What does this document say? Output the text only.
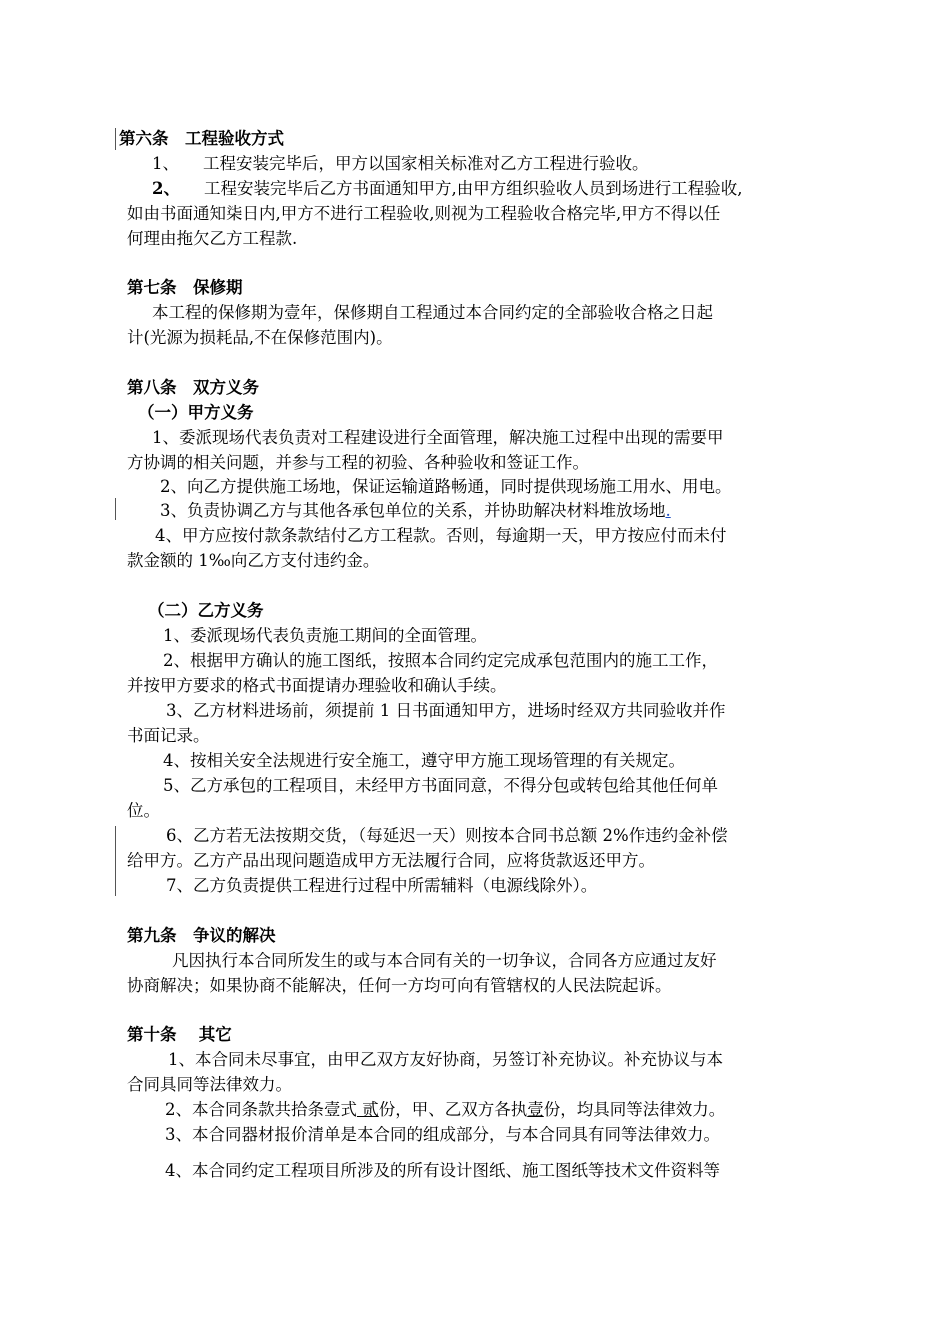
第六条　工程验收方式
1、 工程安装完毕后，甲方以国家相关标准对乙方工程进行验收。
2、 工程安装完毕后乙方书面通知甲方,由甲方组织验收人员到场进行工程验收,
如由书面通知柒日内,甲方不进行工程验收,则视为工程验收合格完毕,甲方不得以任
何理由拖欠乙方工程款.
第七条　保修期
本工程的保修期为壹年，保修期自工程通过本合同约定的全部验收合格之日起
计(光源为损耗品,不在保修范围内)。
第八条　双方义务
（一）甲方义务
1、委派现场代表负责对工程建设进行全面管理，解决施工过程中出现的需要甲
方协调的相关问题，并参与工程的初验、各种验收和签证工作。
2、向乙方提供施工场地，保证运输道路畅通，同时提供现场施工用水、用电。
3、负责协调乙方与其他各承包单位的关系，并协助解决材料堆放场地.
4、甲方应按付款条款结付乙方工程款。否则，每逾期一天，甲方按应付而未付
款金额的 1‰向乙方支付违约金。
（二）乙方义务
1、委派现场代表负责施工期间的全面管理。
2、根据甲方确认的施工图纸，按照本合同约定完成承包范围内的施工工作，
并按甲方要求的格式书面提请办理验收和确认手续。
3、乙方材料进场前，须提前 1 日书面通知甲方，进场时经双方共同验收并作
书面记录。
4、按相关安全法规进行安全施工，遵守甲方施工现场管理的有关规定。
5、乙方承包的工程项目，未经甲方书面同意，不得分包或转包给其他任何单
位。
6、乙方若无法按期交货，（每延迟一天）则按本合同书总额 2%作违约金补偿
给甲方。乙方产品出现问题造成甲方无法履行合同，应将货款返还甲方。
7、乙方负责提供工程进行过程中所需辅料（电源线除外）。
第九条　争议的解决
凡因执行本合同所发生的或与本合同有关的一切争议，合同各方应通过友好
协商解决；如果协商不能解决，任何一方均可向有管辖权的人民法院起诉。
第十条　 其它
1、本合同未尽事宜，由甲乙双方友好协商，另签订补充协议。补充协议与本
合同具同等法律效力。
2、本合同条款共拾条壹式 贰份，甲、乙双方各执壹份，均具同等法律效力。
3、本合同器材报价清单是本合同的组成部分，与本合同具有同等法律效力。
4、本合同约定工程项目所涉及的所有设计图纸、施工图纸等技术文件资料等
